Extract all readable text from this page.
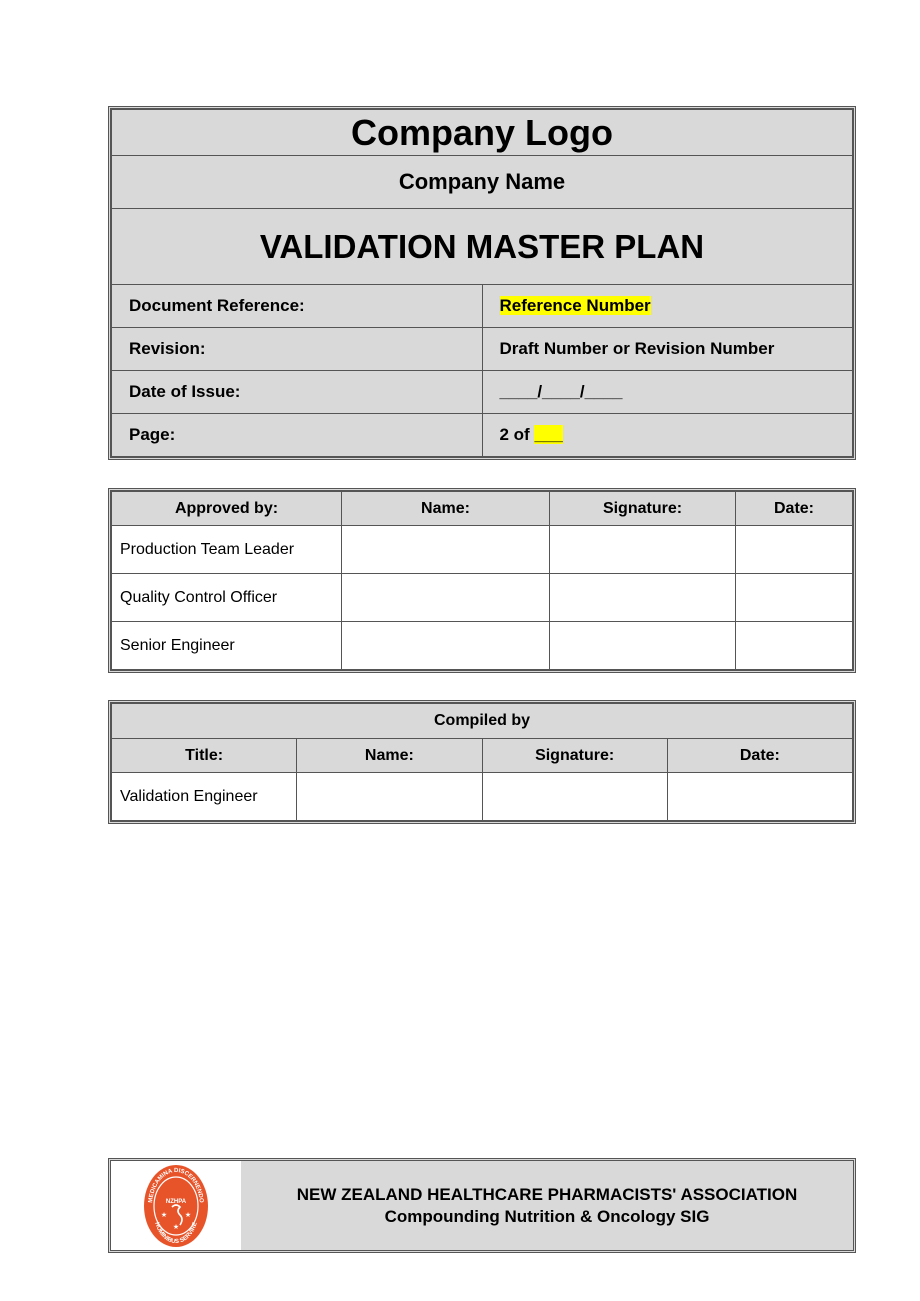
Company Logo	
Company Name	
VALIDATION MASTER PLAN	
Document Reference:	Reference Number
Revision:	Draft Number or Revision Number
Date of Issue:	____/____/____
Page:	2 of ___
Approved by:	Name:	Signature:	Date:
Production Team Leader			
Quality Control Officer			
Senior Engineer			
Compiled by			
Title:	Name:	Signature:	Date:
Validation Engineer			
MEDICAMINA DISCERNENDO
HOMINIBUS SERVIRE
NZHPA
★	★
★
NEW ZEALAND HEALTHCARE PHARMACISTS' ASSOCIATION
Compounding Nutrition & Oncology SIG
